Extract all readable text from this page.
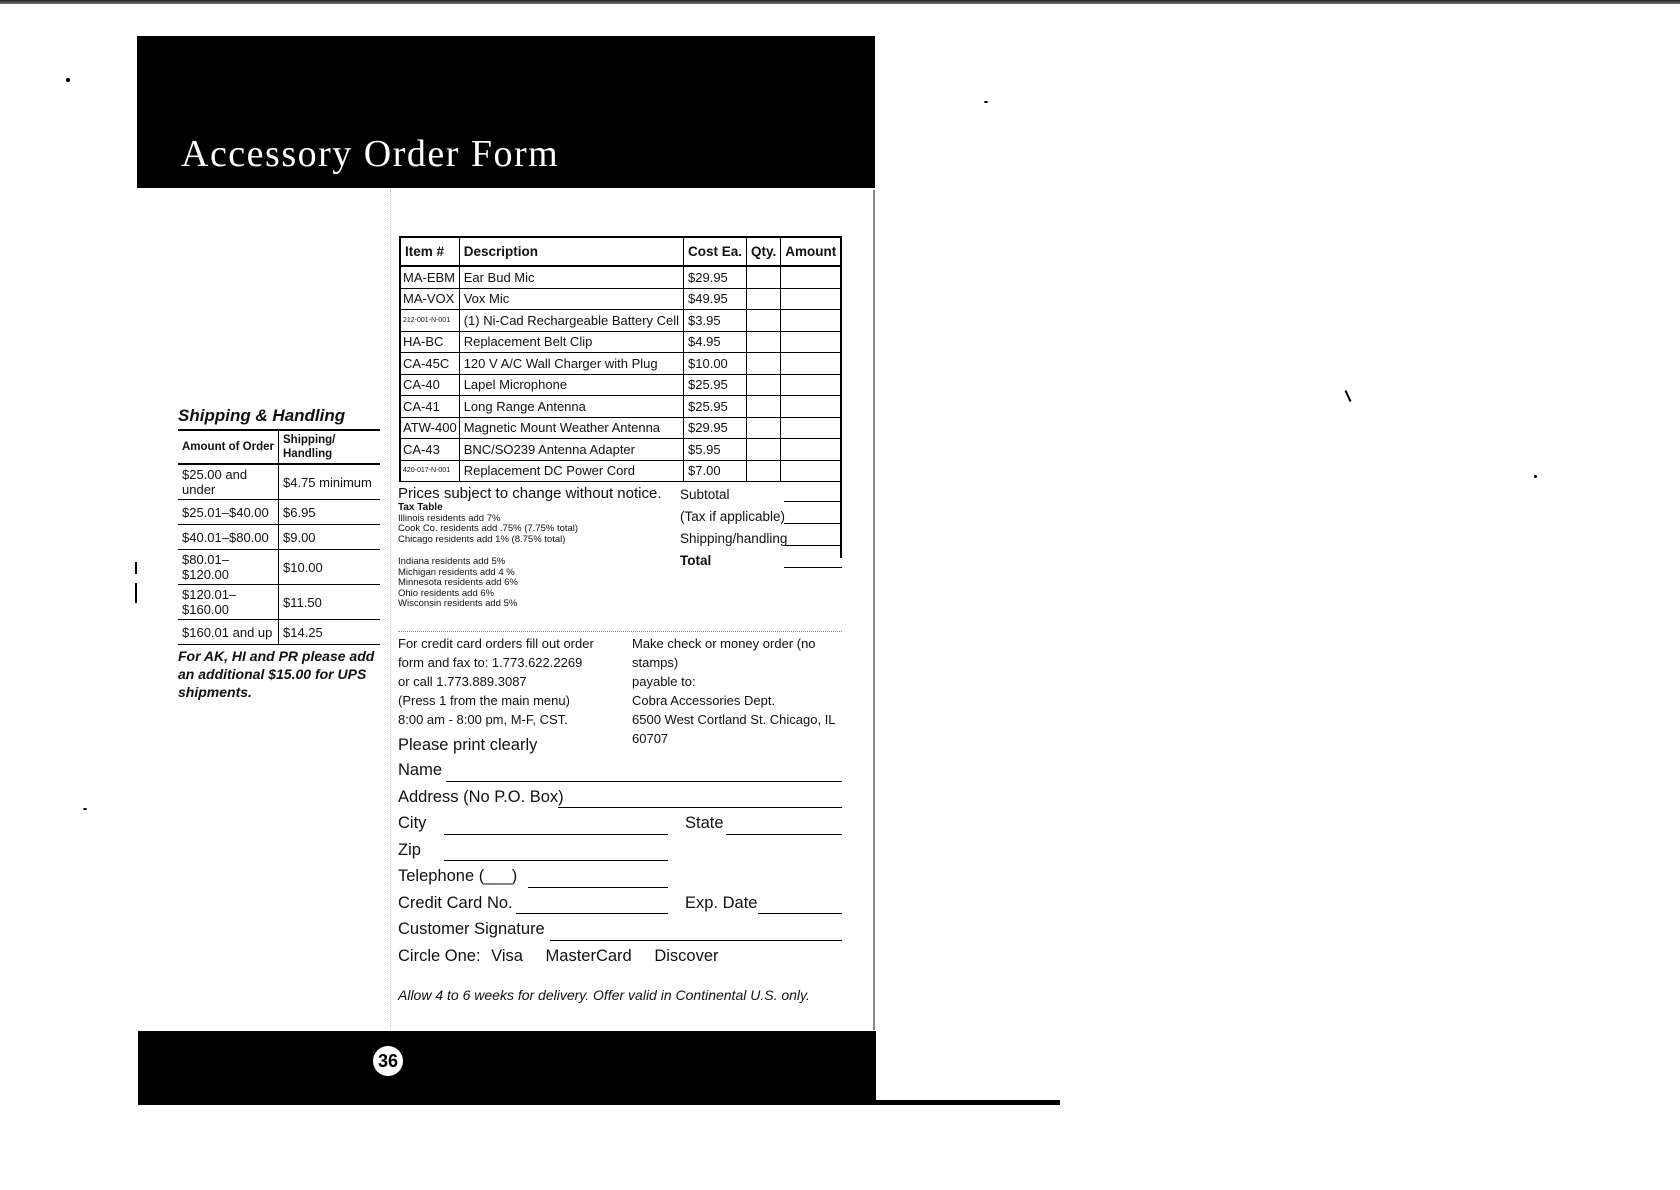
Accessory Order Form
Shipping & Handling
Amount of Order	Shipping/ Handling
$25.00 and under	$4.75 minimum
$25.01–$40.00	$6.95
$40.01–$80.00	$9.00
$80.01–$120.00	$10.00
$120.01–$160.00	$11.50
$160.01 and up	$14.25
For AK, HI and PR please add an additional $15.00 for UPS shipments.
Item #	Description	Cost Ea.	Qty.	Amount
MA-EBM	Ear Bud Mic	$29.95		
MA-VOX	Vox Mic	$49.95		
212-001-N-001	(1) Ni-Cad Rechargeable Battery Cell	$3.95		
HA-BC	Replacement Belt Clip	$4.95		
CA-45C	120 V A/C Wall Charger with Plug	$10.00		
CA-40	Lapel Microphone	$25.95		
CA-41	Long Range Antenna	$25.95		
ATW-400	Magnetic Mount Weather Antenna	$29.95		
CA-43	BNC/SO239 Antenna Adapter	$5.95		
420-017-N-001	Replacement DC Power Cord	$7.00		
Prices subject to change without notice. Subtotal
(Tax if applicable)
Shipping/handling
Total
Tax Table
Illinois residents add 7%
Cook Co. residents add .75% (7.75% total)
Chicago residents add 1% (8.75% total)
Indiana residents add 5%
Michigan residents add 4 %
Minnesota residents add 6%
Ohio residents add 6%
Wisconsin residents add 5%
For credit card orders fill out order
form and fax to: 1.773.622.2269
or call 1.773.889.3087
(Press 1 from the main menu)
8:00 am - 8:00 pm, M-F, CST.
Make check or money order (no stamps)
payable to:
Cobra Accessories Dept.
6500 West Cortland St. Chicago, IL 60707
Please print clearly
Name
Address (No P.O. Box)
City	State
Zip
Telephone (___)
Credit Card No.	Exp. Date
Customer Signature
Circle One: Visa MasterCard Discover
Allow 4 to 6 weeks for delivery. Offer valid in Continental U.S. only.
36
